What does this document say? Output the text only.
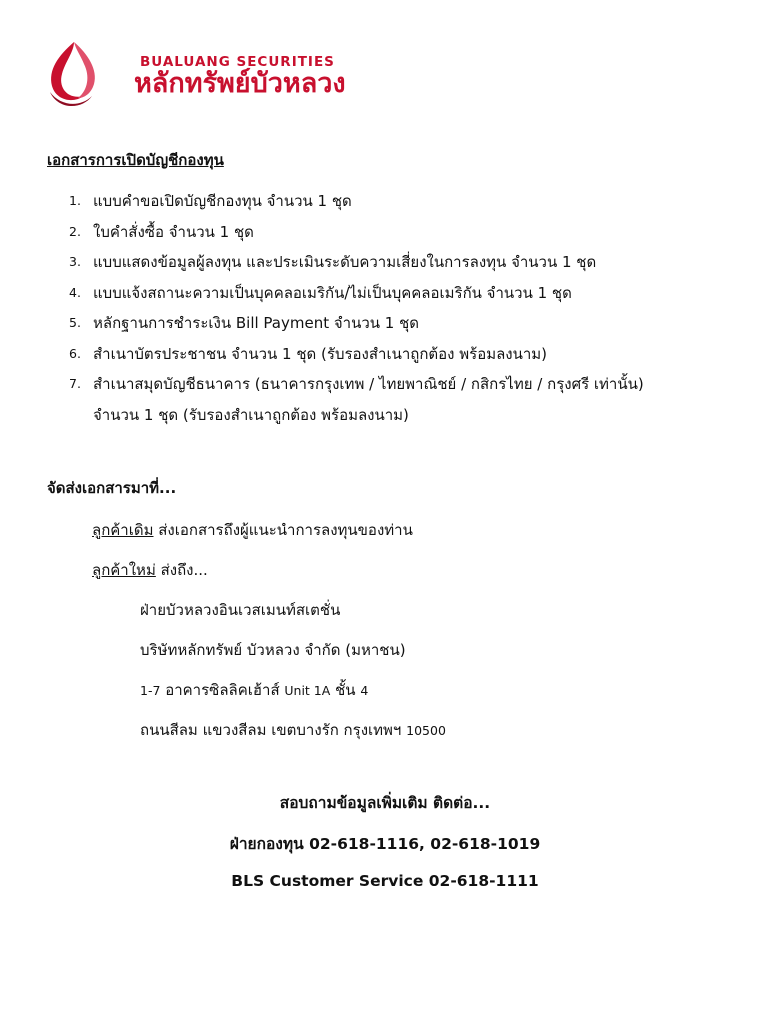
BUALUANG SECURITIES
หลักทรัพย์บัวหลวง
เอกสารการเปิดบัญชีกองทุน
1. แบบคำขอเปิดบัญชีกองทุน จำนวน 1 ชุด
2. ใบคำสั่งซื้อ จำนวน 1 ชุด
3. แบบแสดงข้อมูลผู้ลงทุน และประเมินระดับความเสี่ยงในการลงทุน จำนวน 1 ชุด
4. แบบแจ้งสถานะความเป็นบุคคลอเมริกัน/ไม่เป็นบุคคลอเมริกัน จำนวน 1 ชุด
5. หลักฐานการชำระเงิน Bill Payment จำนวน 1 ชุด
6. สำเนาบัตรประชาชน จำนวน 1 ชุด (รับรองสำเนาถูกต้อง พร้อมลงนาม)
7. สำเนาสมุดบัญชีธนาคาร (ธนาคารกรุงเทพ / ไทยพาณิชย์ / กสิกรไทย / กรุงศรี เท่านั้น) จำนวน 1 ชุด (รับรองสำเนาถูกต้อง พร้อมลงนาม)
จัดส่งเอกสารมาที่...
ลูกค้าเดิม ส่งเอกสารถึงผู้แนะนำการลงทุนของท่าน
ลูกค้าใหม่ ส่งถึง...
ฝ่ายบัวหลวงอินเวสเมนท์สเตชั่น
บริษัทหลักทรัพย์ บัวหลวง จำกัด (มหาชน)
1-7 อาคารซิลลิคเฮ้าส์ Unit 1A ชั้น 4
ถนนสีลม แขวงสีลม เขตบางรัก กรุงเทพฯ 10500
สอบถามข้อมูลเพิ่มเติม ติดต่อ...
ฝ่ายกองทุน 02-618-1116, 02-618-1019
BLS Customer Service 02-618-1111
